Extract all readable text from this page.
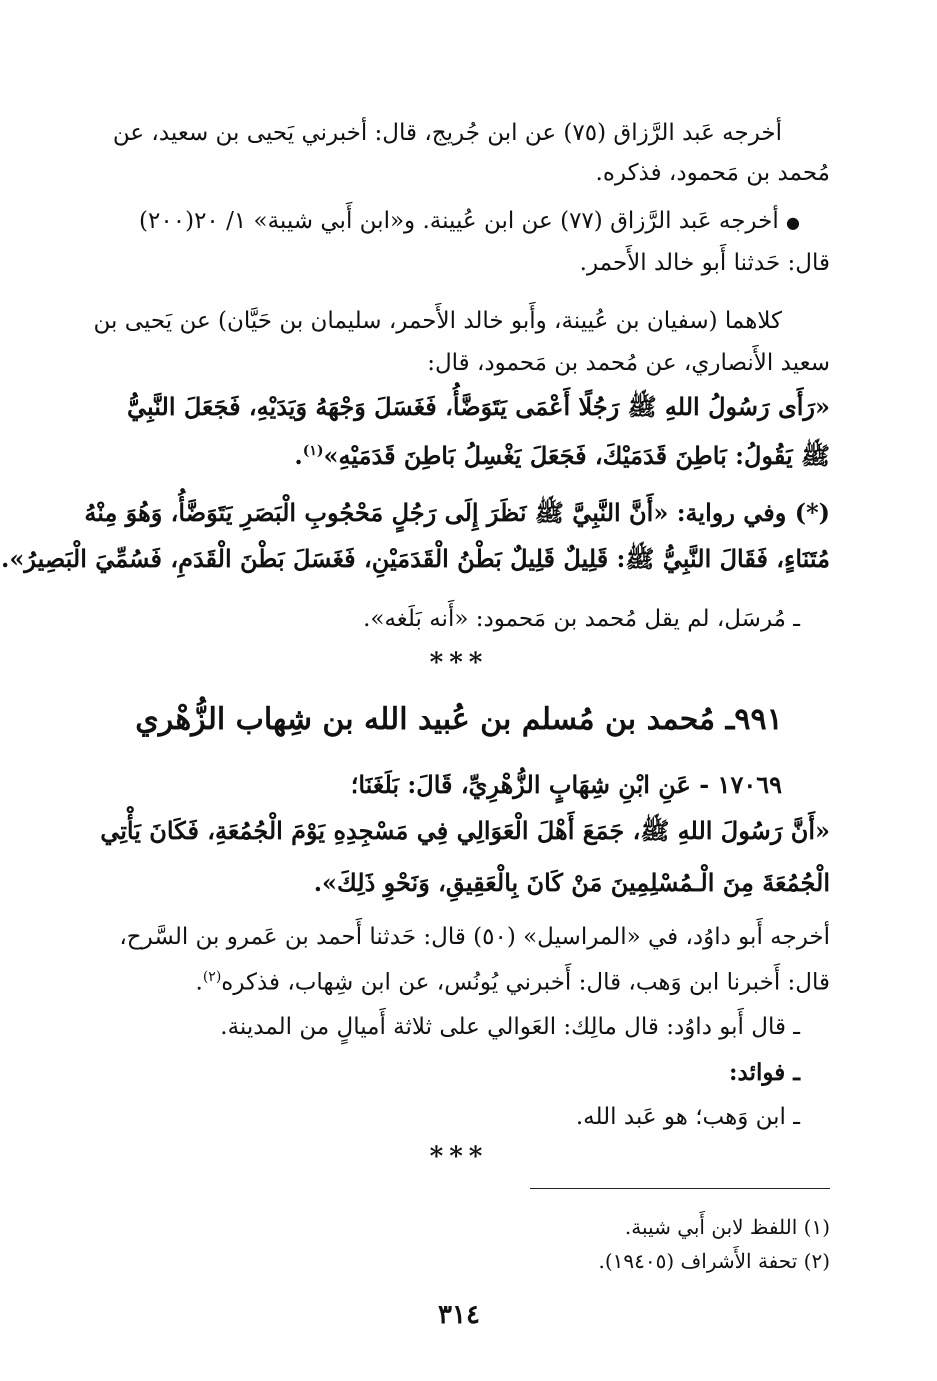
أخرجه عَبد الرَّزاق (٧٥) عن ابن جُريج، قال: أخبرني يَحيى بن سعيد، عن
مُحمد بن مَحمود، فذكره.
● أخرجه عَبد الرَّزاق (٧٧) عن ابن عُيينة. و«ابن أَبي شيبة» ١/ ٢٠(٢٠٠)
قال: حَدثنا أَبو خالد الأَحمر.
كلاهما (سفيان بن عُيينة، وأَبو خالد الأَحمر، سليمان بن حَيَّان) عن يَحيى بن
سعيد الأَنصاري، عن مُحمد بن مَحمود، قال:
«رَأَى رَسُولُ اللهِ ﷺ رَجُلًا أَعْمَى يَتَوَضَّأُ، فَغَسَلَ وَجْهَهُ وَيَدَيْهِ، فَجَعَلَ النَّبِيُّ
ﷺ يَقُولُ: بَاطِنَ قَدَمَيْكَ، فَجَعَلَ يَغْسِلُ بَاطِنَ قَدَمَيْهِ»$^{(١)}$.
(*) وفي رواية: «أَنَّ النَّبِيَّ ﷺ نَظَرَ إِلَى رَجُلٍ مَحْجُوبِ الْبَصَرِ يَتَوَضَّأُ، وَهُوَ مِنْهُ
مُتَنَاءٍ، فَقَالَ النَّبِيُّ ﷺ: قَلِيلٌ قَلِيلٌ بَطْنُ الْقَدَمَيْنِ، فَغَسَلَ بَطْنَ الْقَدَمِ، فَسُمِّيَ الْبَصِيرُ».
ـ مُرسَل، لم يقل مُحمد بن مَحمود: «أَنه بَلَغه».
***
٩٩١ـ مُحمد بن مُسلم بن عُبيد الله بن شِهاب الزُّهْري
١٧٠٦٩ - عَنِ ابْنِ شِهَابٍ الزُّهْرِيِّ، قَالَ: بَلَغَنَا؛
«أَنَّ رَسُولَ اللهِ ﷺ، جَمَعَ أَهْلَ الْعَوَالِي فِي مَسْجِدِهِ يَوْمَ الْجُمُعَةِ، فَكَانَ يَأْتِي
الْجُمُعَةَ مِنَ الْـمُسْلِمِينَ مَنْ كَانَ بِالْعَقِيقِ، وَنَحْوِ ذَلِكَ».
أخرجه أَبو داوُد، في «المراسيل» (٥٠) قال: حَدثنا أَحمد بن عَمرو بن السَّرح،
قال: أَخبرنا ابن وَهب، قال: أَخبرني يُونُس، عن ابن شِهاب، فذكره$^{(٢)}$.
ـ قال أَبو داوُد: قال مالِك: العَوالي على ثلاثة أَميالٍ من المدينة.
ـ فوائد:
ـ ابن وَهب؛ هو عَبد الله.
***
(١) اللفظ لابن أَبي شيبة.
(٢) تحفة الأَشراف (١٩٤٠٥).
٣١٤
